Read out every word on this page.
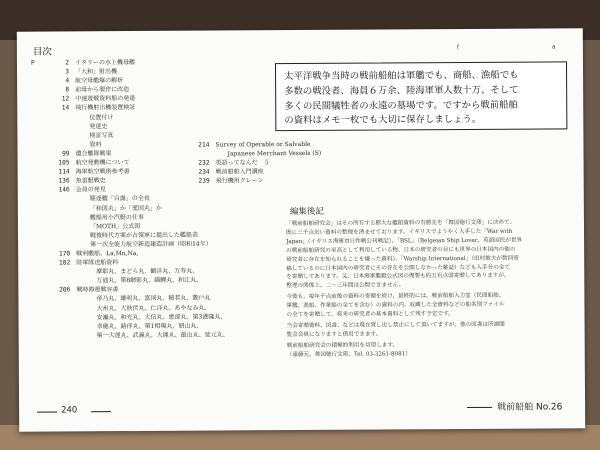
目次
P
f	a
2 イタリーの水上機母艦
3 「大和」射出機
4 航空母艦爆の解析
8 前母から製作に改造
12 中速遊戦資料船の発達
14 飛行機射出機装置検証
位置付け
発達史
検証写真
資料
99 遺合艦隊戦果
105 航空発動機について
114 海軍航空戦術参考書
136 魚雷艇戦史
146 会員の発見
駆逐艦「白露」の全長
「和図丸」か「愛国丸」か
艦船用小汽艇の仕事
「MOTH」公式図
戦後時代方案が占領軍に提出した艦船表
第一次全能力航空新造建造計画（昭和14年）
170 戦利艦船、La,Mn,Na,
182 陸軍隊送船資料
摩耶丸、まどら丸、鶴洋丸、万寿丸、
万通丸、第8網影丸、錦鯉丸、和江丸、
206 戦時海運戦容書
帝乃丸、雄明丸、富国丸、稲若丸、敷戸丸
大州丸、大秋伏丸、仁洋丸、あやなみ丸、
安瀬丸、和光丸、大信丸、恵部丸、第3港隆丸、
幸穂丸、路伴丸、第1相場丸、朋山丸、
第一大運丸、武義丸、大運丸、最山丸、延元丸、
214 Survey of Operable or Salvable
Japanese Merchant Vessels (S)
232 英語ってなんだ　５
234 戦前船舶入門講座
239 飛行機用クレーン

太平洋戦争当時の戦前船舶は軍艦でも、商船、漁船でも
多数の戦没者、海員６万余、陸海軍軍人数十万、そして
多くの民間犠牲者の永遠の墓場です。ですから戦前船舶
の資料はメモ一枚でも大切に保存しましょう。

編集後記

「戦前船舶研究会」はその所有する膨大な艦船資料の有勝先を「舞国徳行文庫」に決めて、

既に三千点近い資料の整理を済ませております。イギリスでようやく入手した「War with

Japan」（イギリス海軍対日作戦公刊戦記）、「BSL」（Belgeian Ship Lover、英語国民が世界

の戦前船舶研究の至高として利用している物、日本の研究者の目にも世界の日本国内の他の

研究者に存在を知られることを嫌った資料）、「Warship International」（田村敏夫が数回寄

稿しているのに日本国内の研究者にその存在を公開しなかった雑誌）なども入手分の全て

を寄贈してあります。又、日本海軍艦艇公式図の復製も約五百点弱寄贈してありますが、

整理の関係上、二～三年間は公開できません。

今後も、毎年千点前後の資料の寄贈を続け、最終的には、戦前船舶入力室（民間船舶、

軍艦、漁船、作業船の全てを含む）の資料の内、収蔵した全資料などの船名別ファイル

の全てを寄贈して、将来の研究者の基本資料として残す予定です。

当会寄贈資料、図書、などは現在貸し出し禁止にして頂いてますが、他の図書は所謂閲

覧会会員になりますと借用できます。

戦前船舶研究会の積極的利用を切望します。

（遠藤元、舞国徳行文庫、Tel. 03-3261-8081）

240	戦前船舶 No.26
